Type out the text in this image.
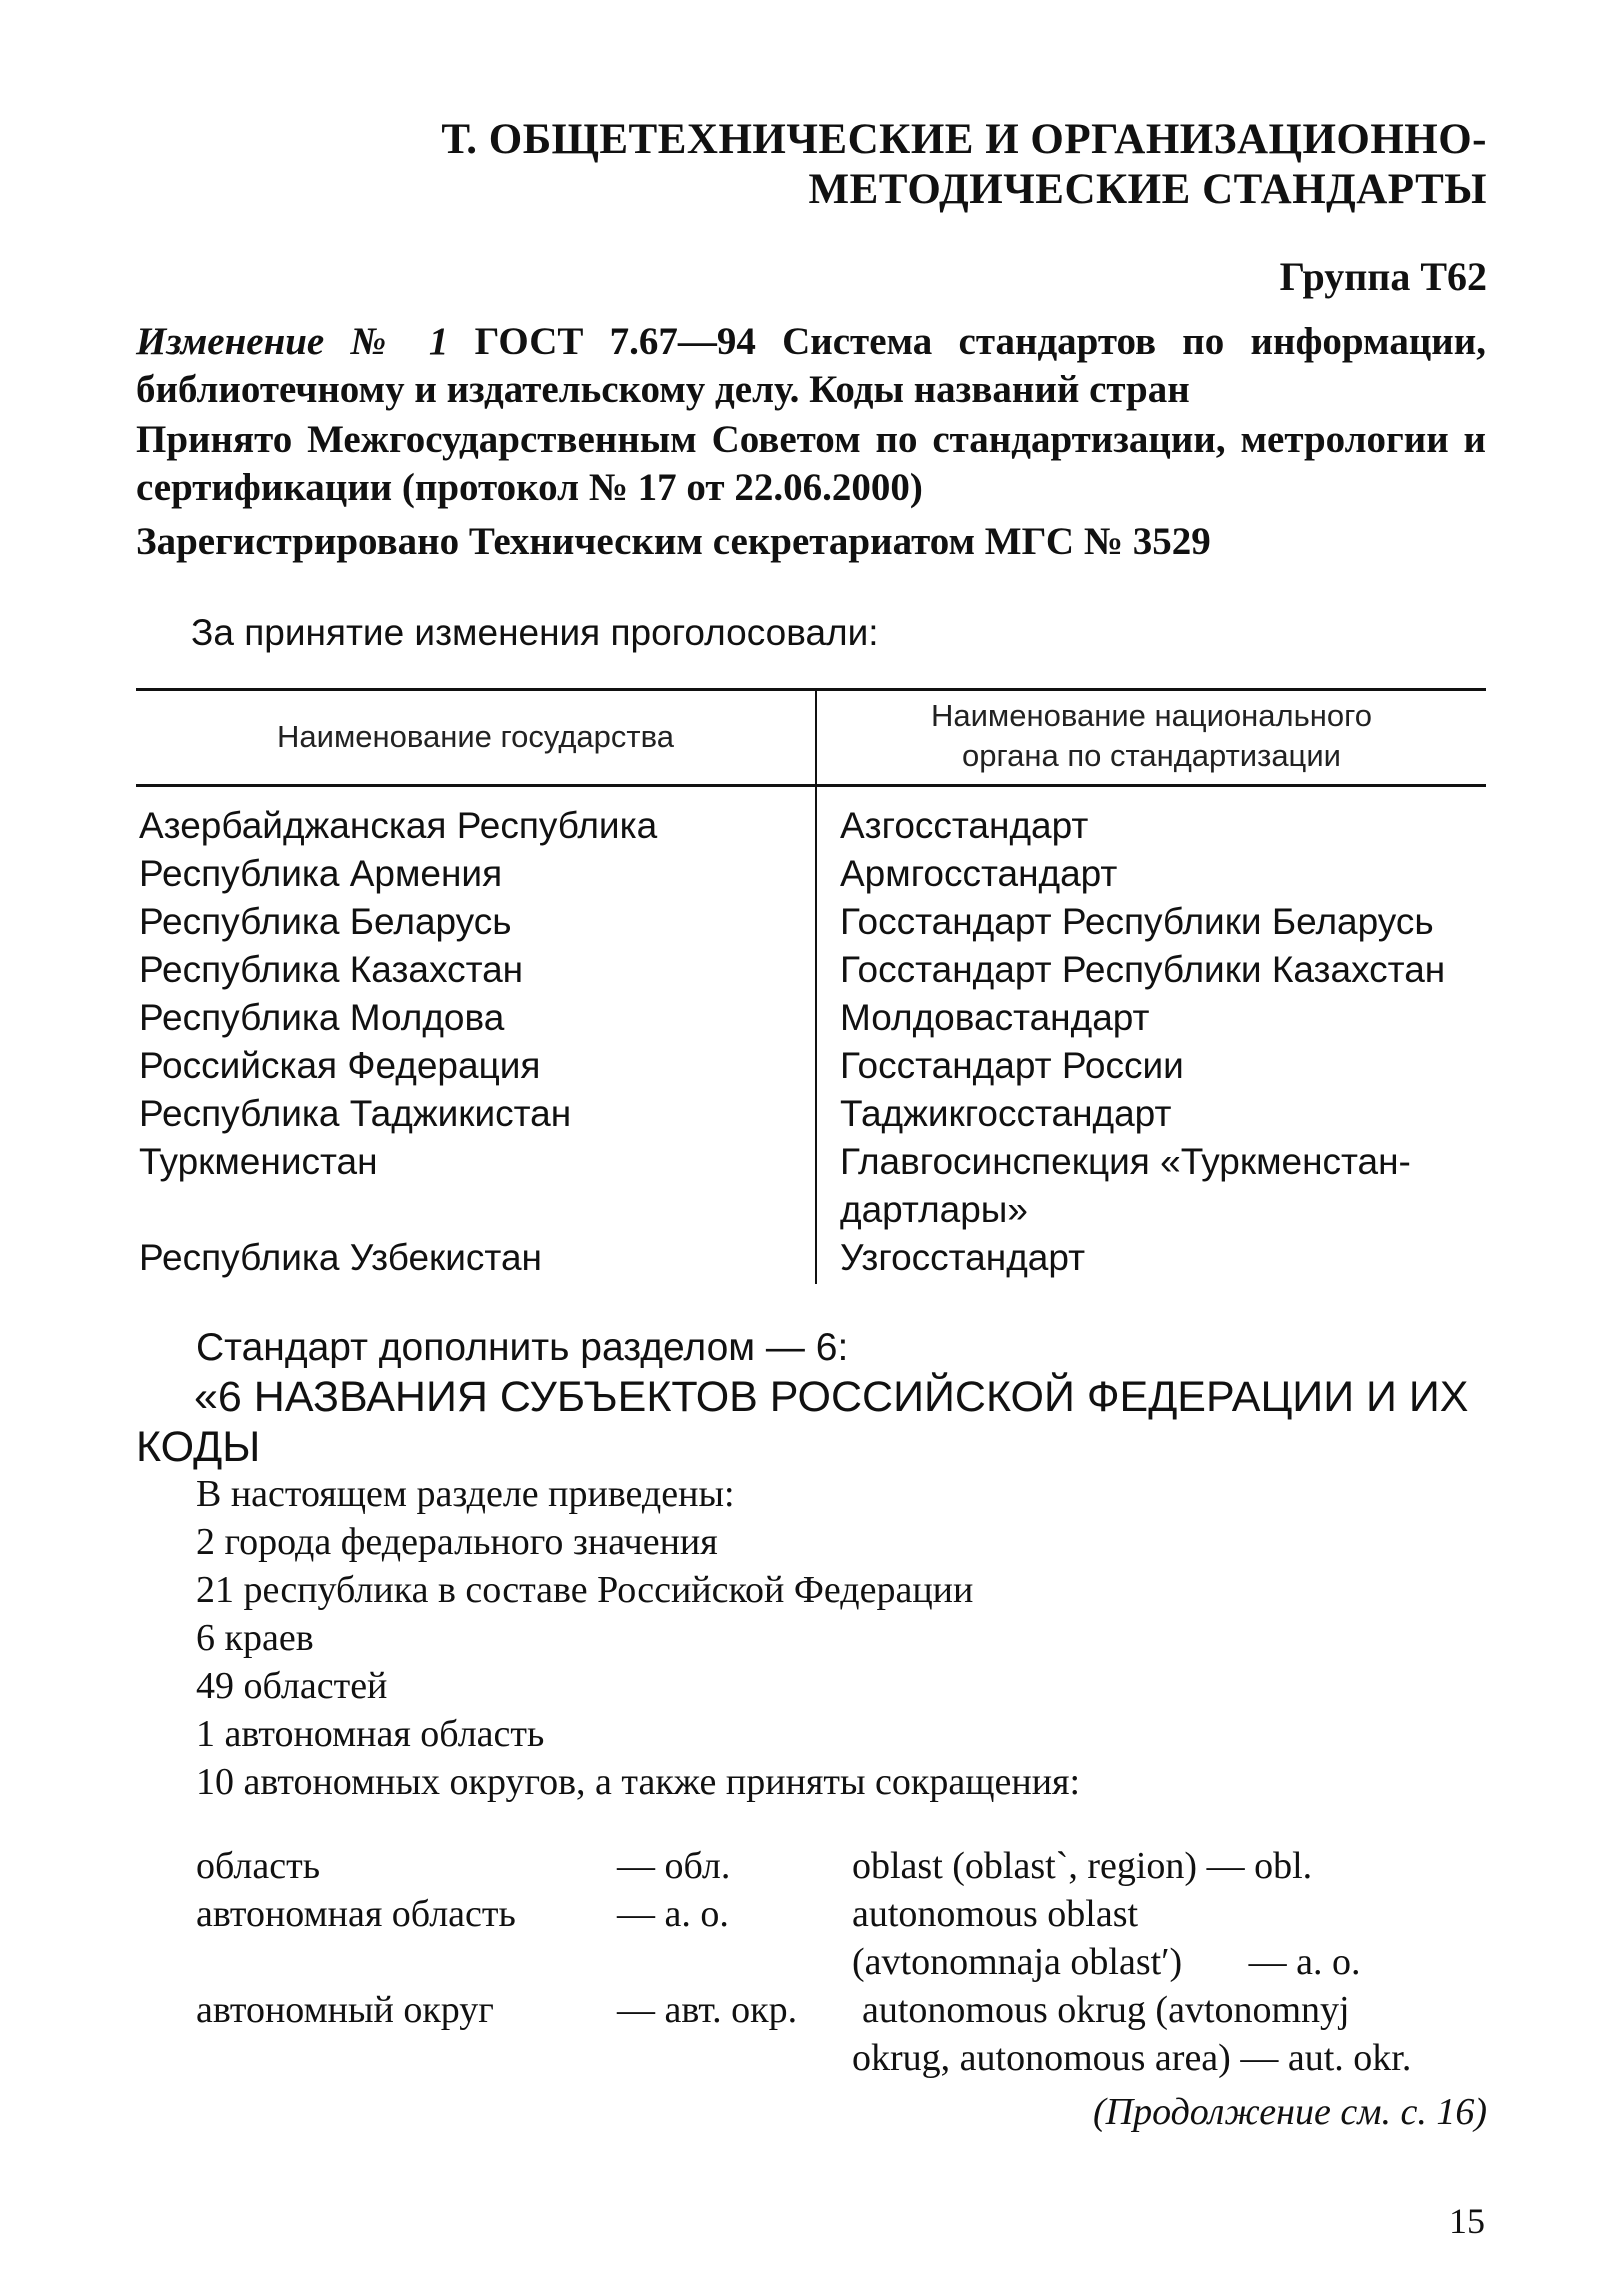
Т. ОБЩЕТЕХНИЧЕСКИЕ И ОРГАНИЗАЦИОННО-
МЕТОДИЧЕСКИЕ СТАНДАРТЫ
Группа Т62
Изменение № 1 ГОСТ 7.67—94 Система стандартов по информации, библиотечному и издательскому делу. Коды названий стран
Принято Межгосударственным Советом по стандартизации, метрологии и сертификации (протокол № 17 от 22.06.2000)
Зарегистрировано Техническим секретариатом МГС № 3529
За принятие изменения проголосовали:
Наименование государства
Наименование национального
органа по стандартизации
Азербайджанская Республика	Азгосстандарт
Республика Армения	Армгосстандарт
Республика Беларусь	Госстандарт Республики Беларусь
Республика Казахстан	Госстандарт Республики Казахстан
Республика Молдова	Молдовастандарт
Российская Федерация	Госстандарт России
Республика Таджикистан	Таджикгосстандарт
Туркменистан	Главгосинспекция «Туркменстан-
дартлары»
Республика Узбекистан	Узгосстандарт
Стандарт дополнить разделом — 6:
«6 НАЗВАНИЯ СУБЪЕКТОВ РОССИЙСКОЙ ФЕДЕРАЦИИ И ИХ
КОДЫ
В настоящем разделе приведены:
2 города федерального значения
21 республика в составе Российской Федерации
6 краев
49 областей
1 автономная область
10 автономных округов, а также приняты сокращения:
область	— обл.	oblast (oblast`, region) — obl.
автономная область	— а. о.	autonomous oblast
(avtonomnaja oblast′)       — a. o.
автономный округ	— авт. окр. autonomous okrug (avtonomnyj
okrug, autonomous area) — aut. okr.
(Продолжение см. с. 16)
15
